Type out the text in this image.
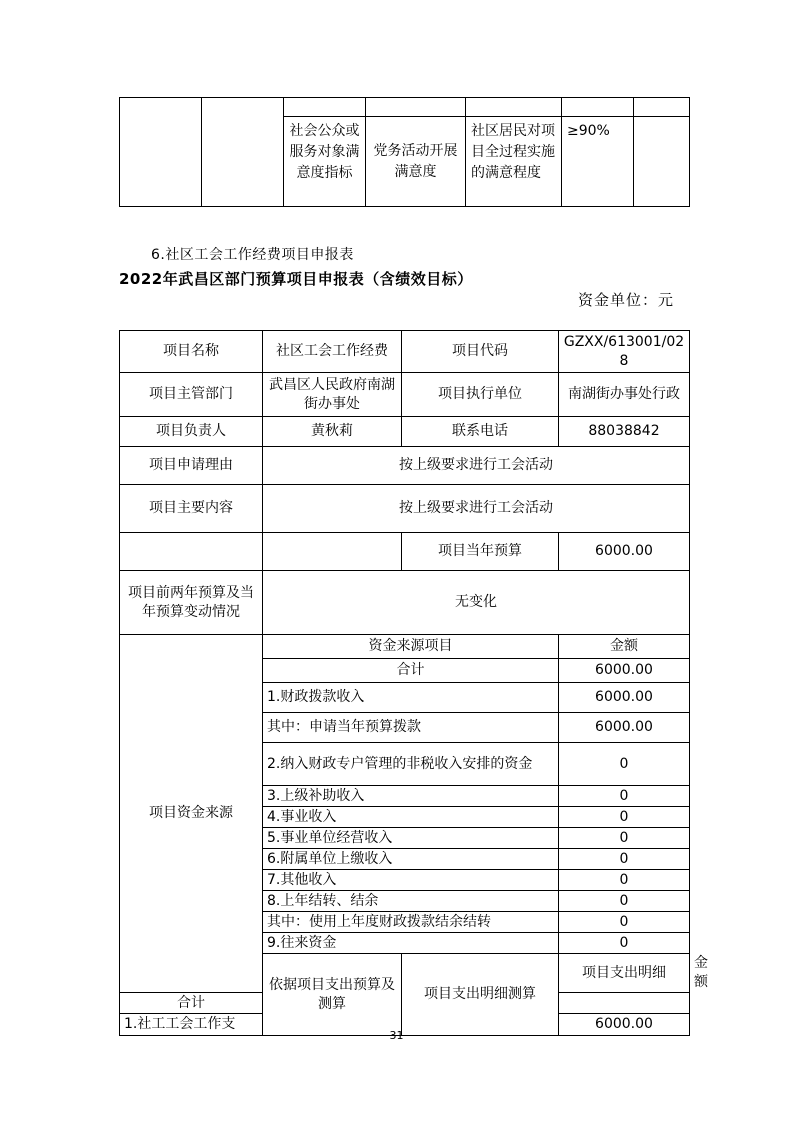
		社会公众或服务对象满意度指标	党务活动开展满意度	社区居民对项目全过程实施的满意程度	≥90%	
6.社区工会工作经费项目申报表
2022年武昌区部门预算项目申报表（含绩效目标）
资金单位：元
项目名称	社区工会工作经费	项目代码	GZXX/613001/028	
项目主管部门	武昌区人民政府南湖街办事处	项目执行单位	南湖街办事处行政	
项目负责人	黄秋莉	联系电话	88038842	
项目申请理由	按上级要求进行工会活动			
项目主要内容	按上级要求进行工会活动			
		项目当年预算	6000.00	
项目前两年预算及当年预算变动情况	无变化			
项目资金来源	资金来源项目		金额	
	合计		6000.00	
	1.财政拨款收入		6000.00	
	其中：申请当年预算拨款		6000.00	
	2.纳入财政专户管理的非税收入安排的资金		0	
	3.上级补助收入		0	
	4.事业收入		0	
	5.事业单位经营收入		0	
	6.附属单位上缴收入		0	
	7.其他收入		0	
	8.上年结转、结余		0	
	其中：使用上年度财政拨款结余结转		0	
	9.往来资金		0	
	依据项目支出预算及测算	项目支出明细测算	项目支出明细	金额
合计				
1.社工工会工作支			6000.00	
31
